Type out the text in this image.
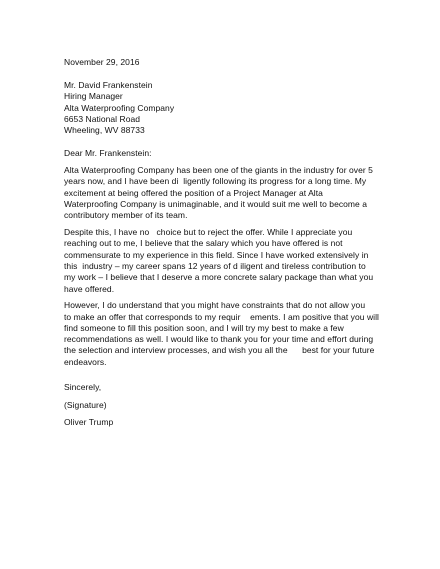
November 29, 2016
Mr. David Frankenstein
Hiring Manager
Alta Waterproofing Company
6653 National Road
Wheeling, WV 88733
Dear Mr. Frankenstein:
Alta Waterproofing Company has been one of the giants in the industry for over 5
years now, and I have been di  ligently following its progress for a long time. My
excitement at being offered the position of a Project Manager at Alta
Waterproofing Company is unimaginable, and it would suit me well to become a
contributory member of its team.
Despite this, I have no   choice but to reject the offer. While I appreciate you
reaching out to me, I believe that the salary which you have offered is not
commensurate to my experience in this field. Since I have worked extensively in
this  industry – my career spans 12 years of d iligent and tireless contribution to
my work – I believe that I deserve a more concrete salary package than what you
have offered.
However, I do understand that you might have constraints that do not allow you
to make an offer that corresponds to my requir    ements. I am positive that you will
find someone to fill this position soon, and I will try my best to make a few
recommendations as well. I would like to thank you for your time and effort during
the selection and interview processes, and wish you all the      best for your future
endeavors.
Sincerely,
(Signature)
Oliver Trump
